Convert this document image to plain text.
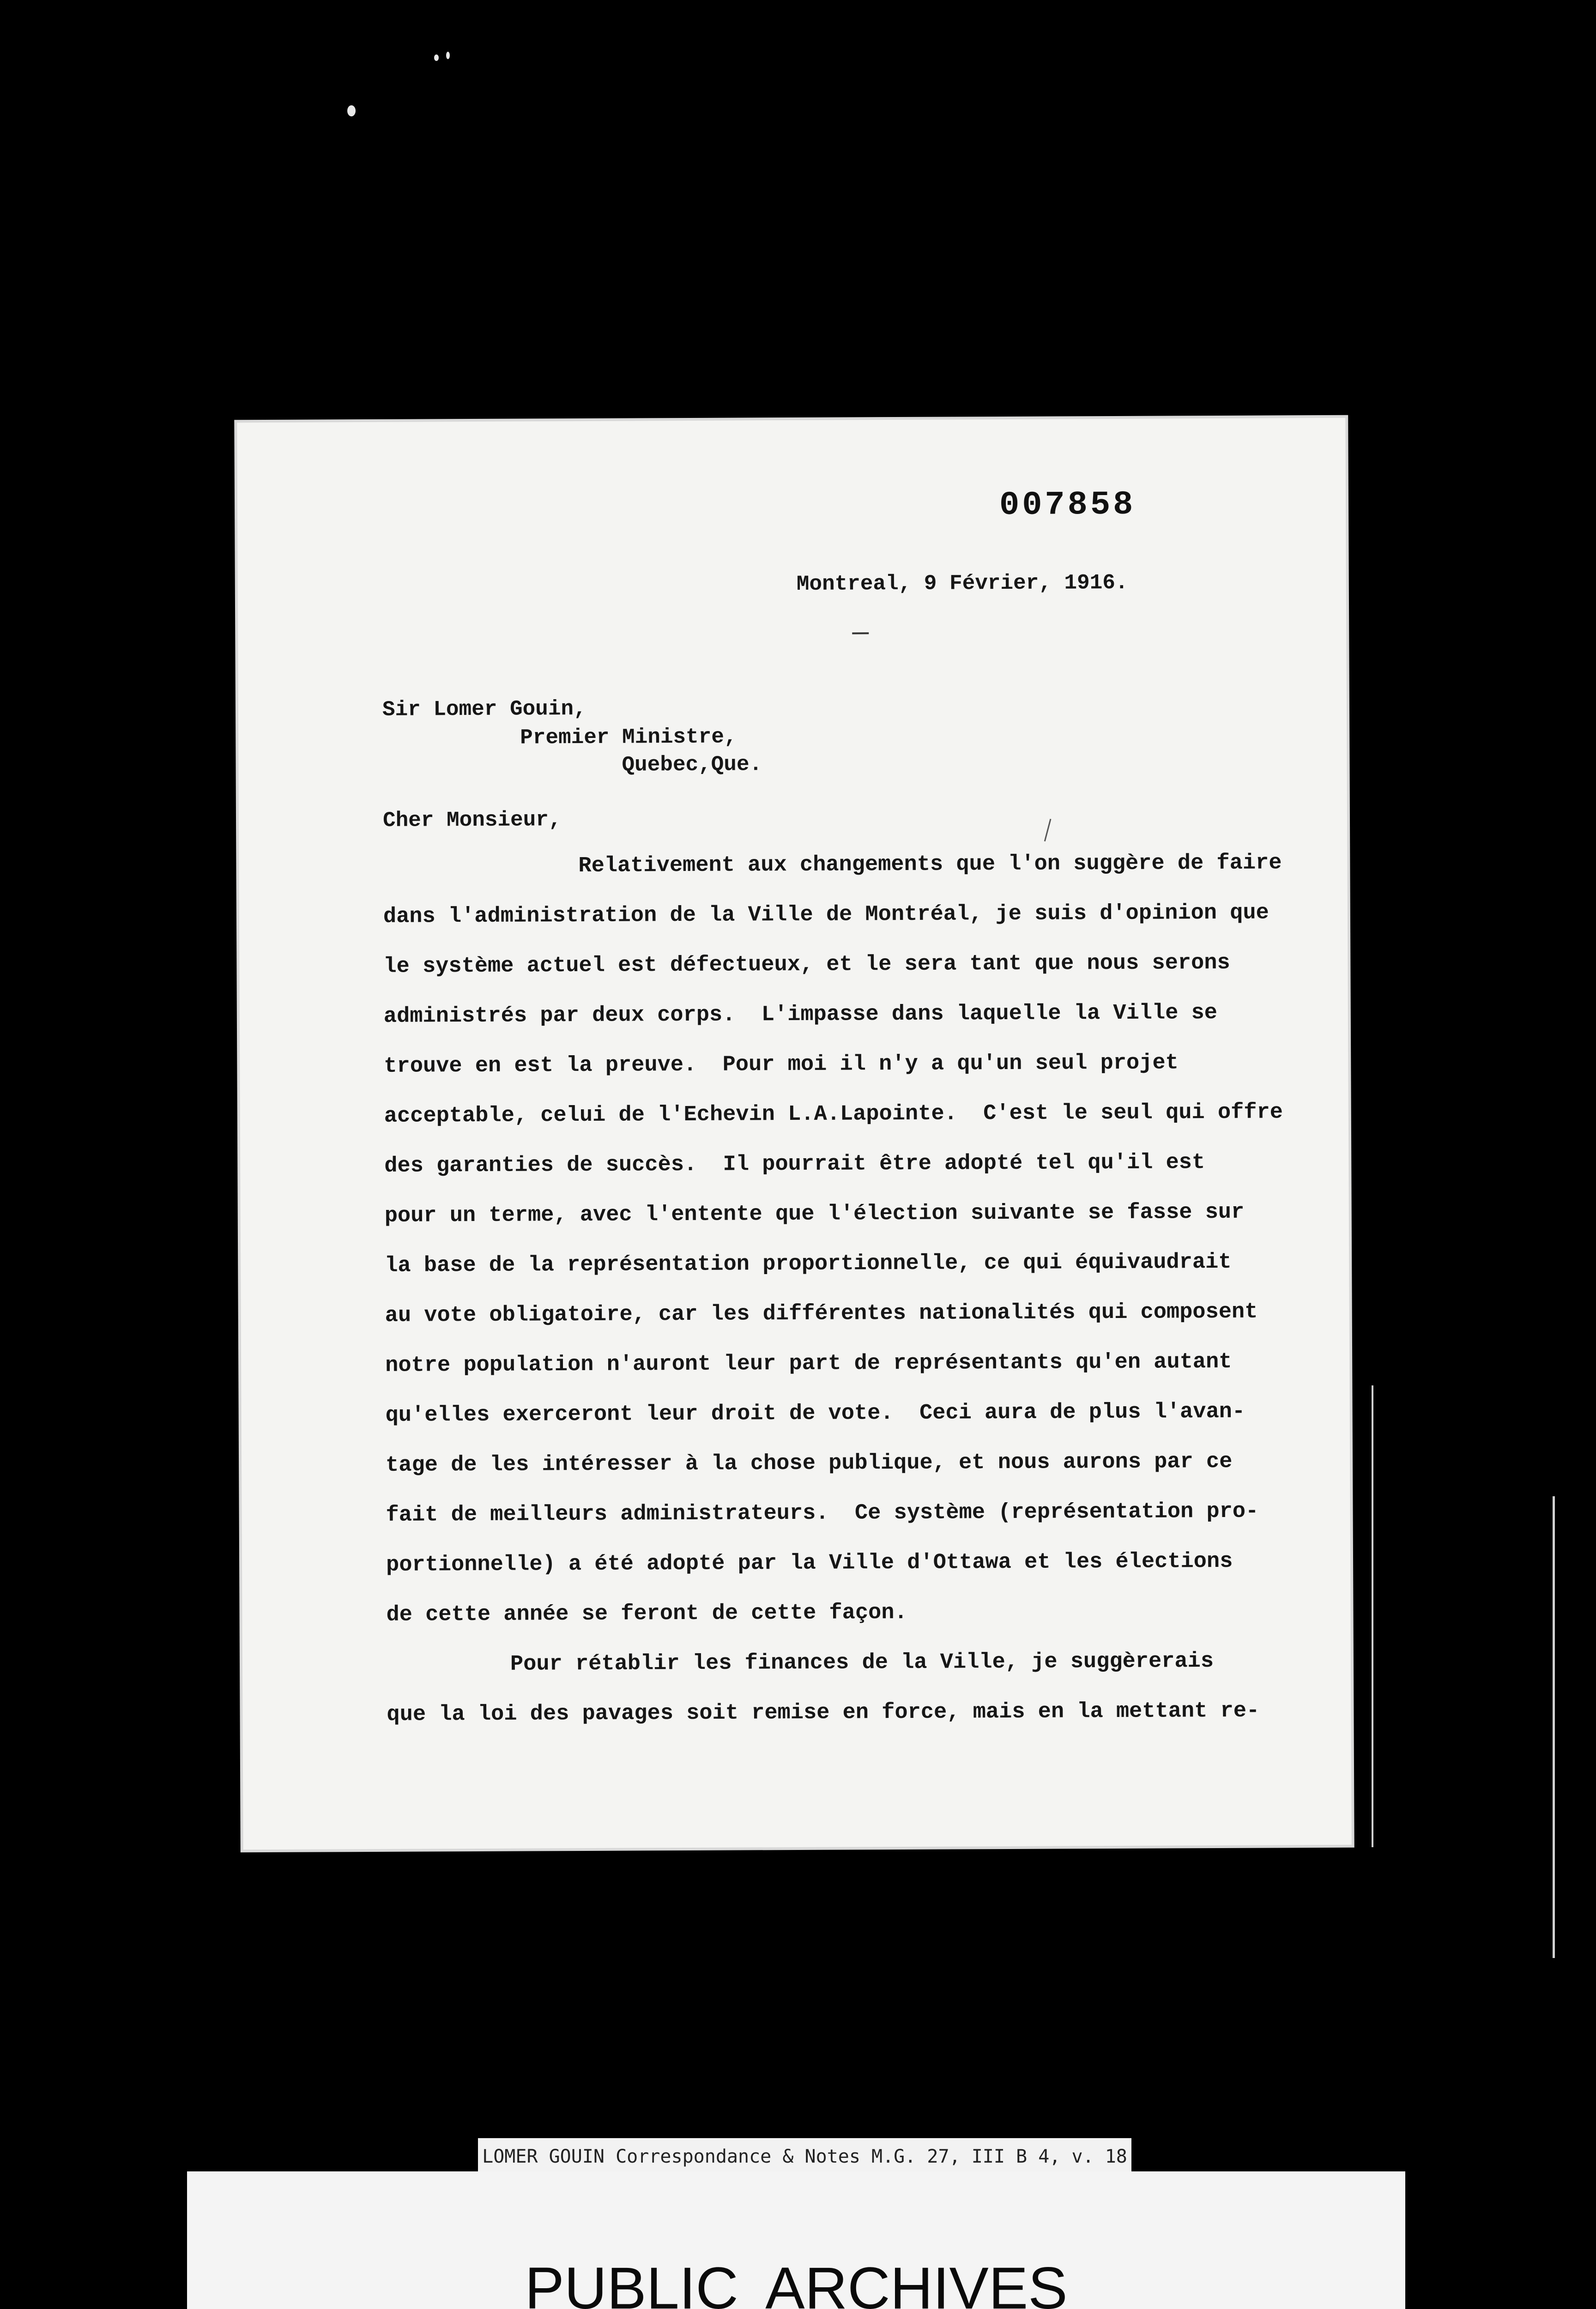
007858
Montreal, 9 Février, 1916.
Sir Lomer Gouin,
Premier Ministre,
Quebec,Que.
Cher Monsieur,
Relativement aux changements que l'on suggère de faire
dans l'administration de la Ville de Montréal, je suis d'opinion que
le système actuel est défectueux, et le sera tant que nous serons
administrés par deux corps.  L'impasse dans laquelle la Ville se
trouve en est la preuve.  Pour moi il n'y a qu'un seul projet
acceptable, celui de l'Echevin L.A.Lapointe.  C'est le seul qui offre
des garanties de succès.  Il pourrait être adopté tel qu'il est
pour un terme, avec l'entente que l'élection suivante se fasse sur
la base de la représentation proportionnelle, ce qui équivaudrait
au vote obligatoire, car les différentes nationalités qui composent
notre population n'auront leur part de représentants qu'en autant
qu'elles exerceront leur droit de vote.  Ceci aura de plus l'avan-
tage de les intéresser à la chose publique, et nous aurons par ce
fait de meilleurs administrateurs.  Ce système (représentation pro-
portionnelle) a été adopté par la Ville d'Ottawa et les élections
de cette année se feront de cette façon.
Pour rétablir les finances de la Ville, je suggèrerais
que la loi des pavages soit remise en force, mais en la mettant re-
LOMER GOUIN Correspondance & Notes M.G. 27, III B 4, v. 18
PUBLIC ARCHIVES
